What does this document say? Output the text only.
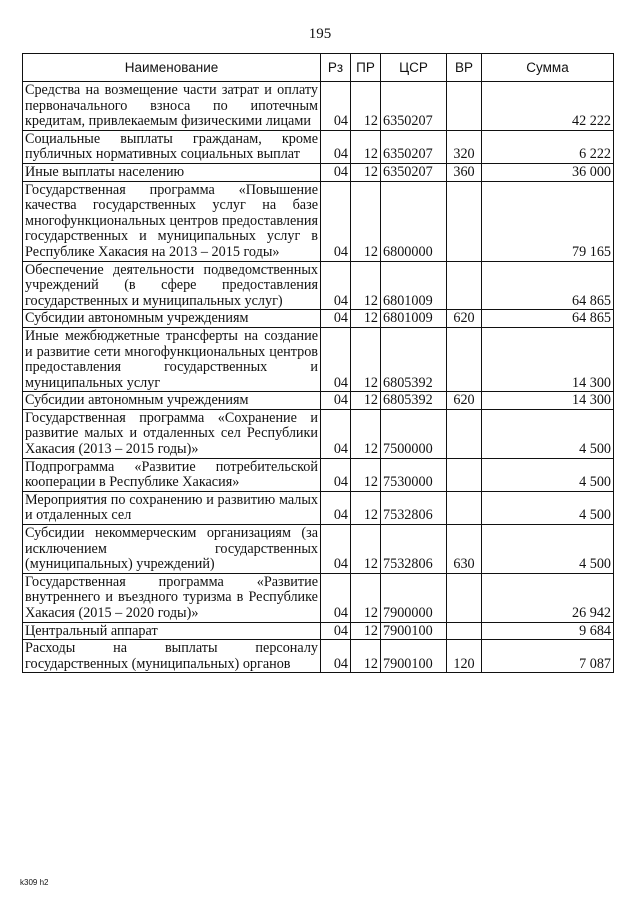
195
Наименование	Рз	ПР	ЦСР	ВР	Сумма
Средства на возмещение части затрат и оплату первоначального взноса по ипотечным кредитам, привлекаемым физическими лицами	04	12	6350207		42 222
Социальные выплаты гражданам, кроме публичных нормативных социальных выплат	04	12	6350207	320	6 222
Иные выплаты населению	04	12	6350207	360	36 000
Государственная программа «Повышение качества государственных услуг на базе многофункциональных центров предоставления государственных и муниципальных услуг в Республике Хакасия на 2013 – 2015 годы»	04	12	6800000		79 165
Обеспечение деятельности подведомственных учреждений (в сфере предоставления государственных и муниципальных услуг)	04	12	6801009		64 865
Субсидии автономным учреждениям	04	12	6801009	620	64 865
Иные межбюджетные трансферты на создание и развитие сети многофункциональных центров предоставления государственных и муниципальных услуг	04	12	6805392		14 300
Субсидии автономным учреждениям	04	12	6805392	620	14 300
Государственная программа «Сохранение и развитие малых и отдаленных сел Республики Хакасия (2013 – 2015 годы)»	04	12	7500000		4 500
Подпрограмма «Развитие потребительской кооперации в Республике Хакасия»	04	12	7530000		4 500
Мероприятия по сохранению и развитию малых и отдаленных сел	04	12	7532806		4 500
Субсидии некоммерческим организациям (за исключением государственных (муниципальных) учреждений)	04	12	7532806	630	4 500
Государственная программа «Развитие внутреннего и въездного туризма в Республике Хакасия (2015 – 2020 годы)»	04	12	7900000		26 942
Центральный аппарат	04	12	7900100		9 684
Расходы на выплаты персоналу государственных (муниципальных) органов	04	12	7900100	120	7 087
k309 h2
